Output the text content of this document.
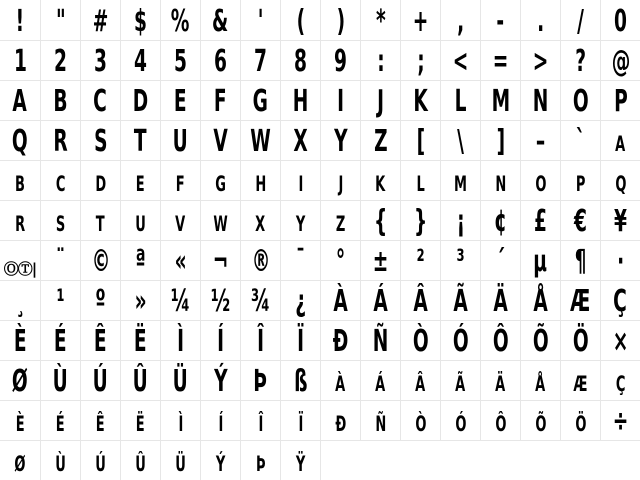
! " # $ % & ' ( ) * + , - . / 0
1 2 3 4 5 6 7 8 9 : ; < = > ? @
A B C D E F G H I J K L M N O P
Q R S T U V W X Y Z [ \ ] – ` a
b c d e f g h i j k l m n o p q
r s t u v w x y z { } ¡ ¢ £ € ¥
ⓄⓉ| ¨ © ª « ¬ ® ¯ ° ± ² ³ ´ µ ¶ ·
¸ ¹ º » ¼ ½ ¾ ¿ À Á Â Ã Ä Å Æ Ç
È É Ê Ë Ì Í Î Ï Ð Ñ Ò Ó Ô Õ Ö ×
Ø Ù Ú Û Ü Ý Þ ß à á â ã ä å æ ç
è é ê ë ì í î ï ð ñ ò ó ô õ ö ÷
ø ù ú û ü ý þ ÿ
